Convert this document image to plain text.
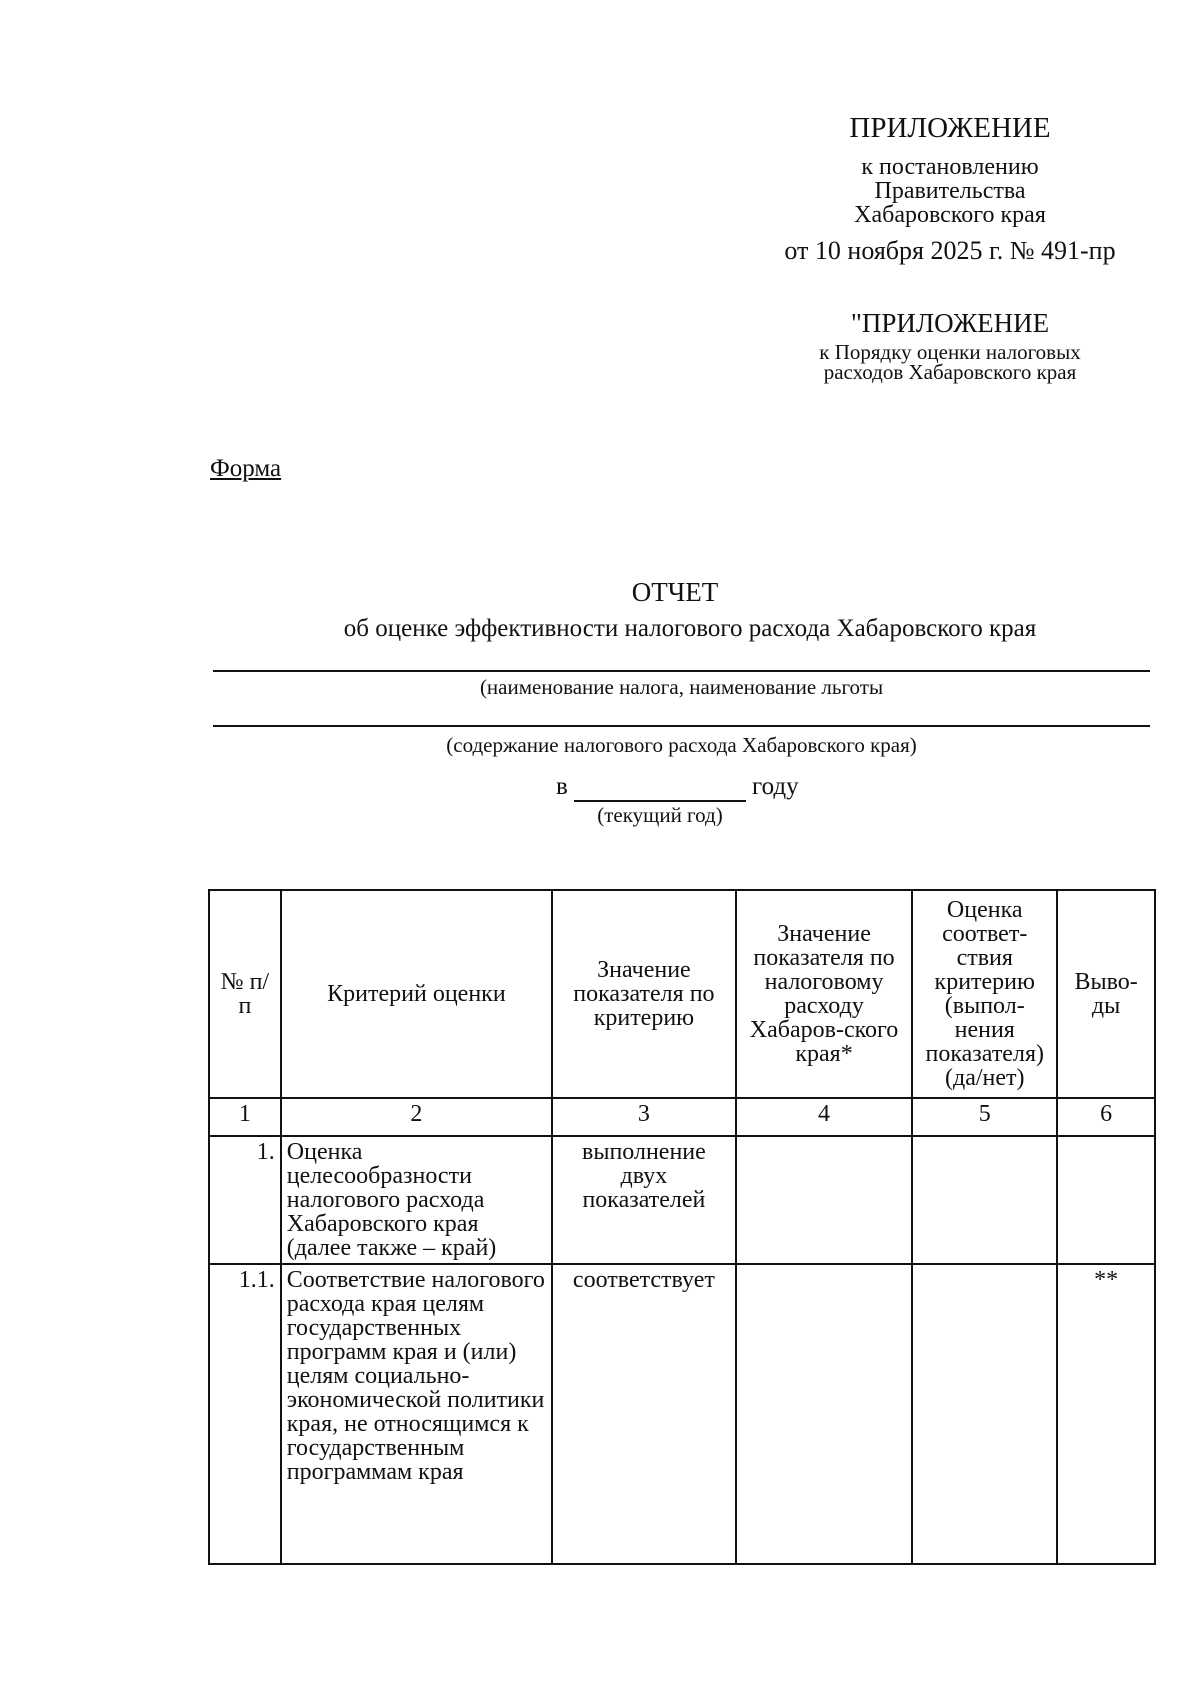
ПРИЛОЖЕНИЕ
к постановлению
Правительства
Хабаровского края
от 10 ноября 2025 г. № 491-пр
"ПРИЛОЖЕНИЕ
к Порядку оценки налоговых
расходов Хабаровского края
Форма
ОТЧЕТ
об оценке эффективности налогового расхода Хабаровского края
(наименование налога, наименование льготы
(содержание налогового расхода Хабаровского края)
в	году
(текущий год)
№ п/п	Критерий оценки	Значение показателя по критерию	Значение показателя по налоговому расходу Хабаров-ского края*	Оценка соответ-ствия критерию (выпол-нения показателя) (да/нет)	Выво-ды
1	2	3	4	5	6
1.	Оценка целесообразности налогового расхода Хабаровского края (далее также – край)	выполнение двух показателей			
1.1.	Соответствие налогового расхода края целям государственных программ края и (или) целям социально-экономической политики края, не относящимся к государственным программам края	соответствует			**
